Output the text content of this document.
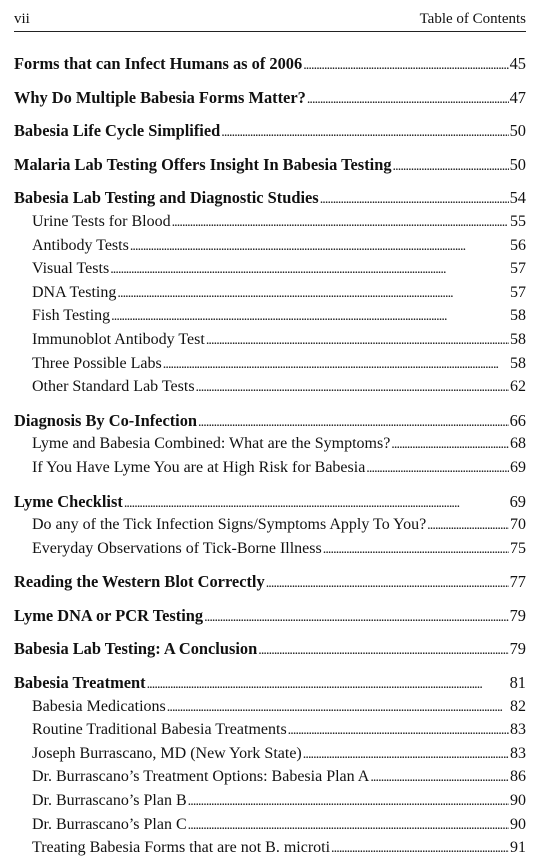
vii	Table of Contents
Forms that can Infect Humans as of 2006 . . .	45
Why Do Multiple Babesia Forms Matter? . . .	47
Babesia Life Cycle Simplified . . .	50
Malaria Lab Testing Offers Insight In Babesia Testing . . .	50
Babesia Lab Testing and Diagnostic Studies . . .	54
Urine Tests for Blood . . .	55
Antibody Tests . . .	56
Visual Tests . . .	57
DNA Testing . . .	57
Fish Testing . . .	58
Immunoblot Antibody Test . . .	58
Three Possible Labs . . .	58
Other Standard Lab Tests . . .	62
Diagnosis By Co-Infection . . .	66
Lyme and Babesia Combined: What are the Symptoms? . . .	68
If You Have Lyme You are at High Risk for Babesia . . .	69
Lyme Checklist . . .	69
Do any of the Tick Infection Signs/Symptoms Apply To You? . . .	70
Everyday Observations of Tick-Borne Illness . . .	75
Reading the Western Blot Correctly . . .	77
Lyme DNA or PCR Testing . . .	79
Babesia Lab Testing: A Conclusion . . .	79
Babesia Treatment . . .	81
Babesia Medications . . .	82
Routine Traditional Babesia Treatments . . .	83
Joseph Burrascano, MD (New York State) . . .	83
Dr. Burrascano’s Treatment Options: Babesia Plan A . . .	86
Dr. Burrascano’s Plan B . . .	90
Dr. Burrascano’s Plan C . . .	90
Treating Babesia Forms that are not B. microti . . .	91
